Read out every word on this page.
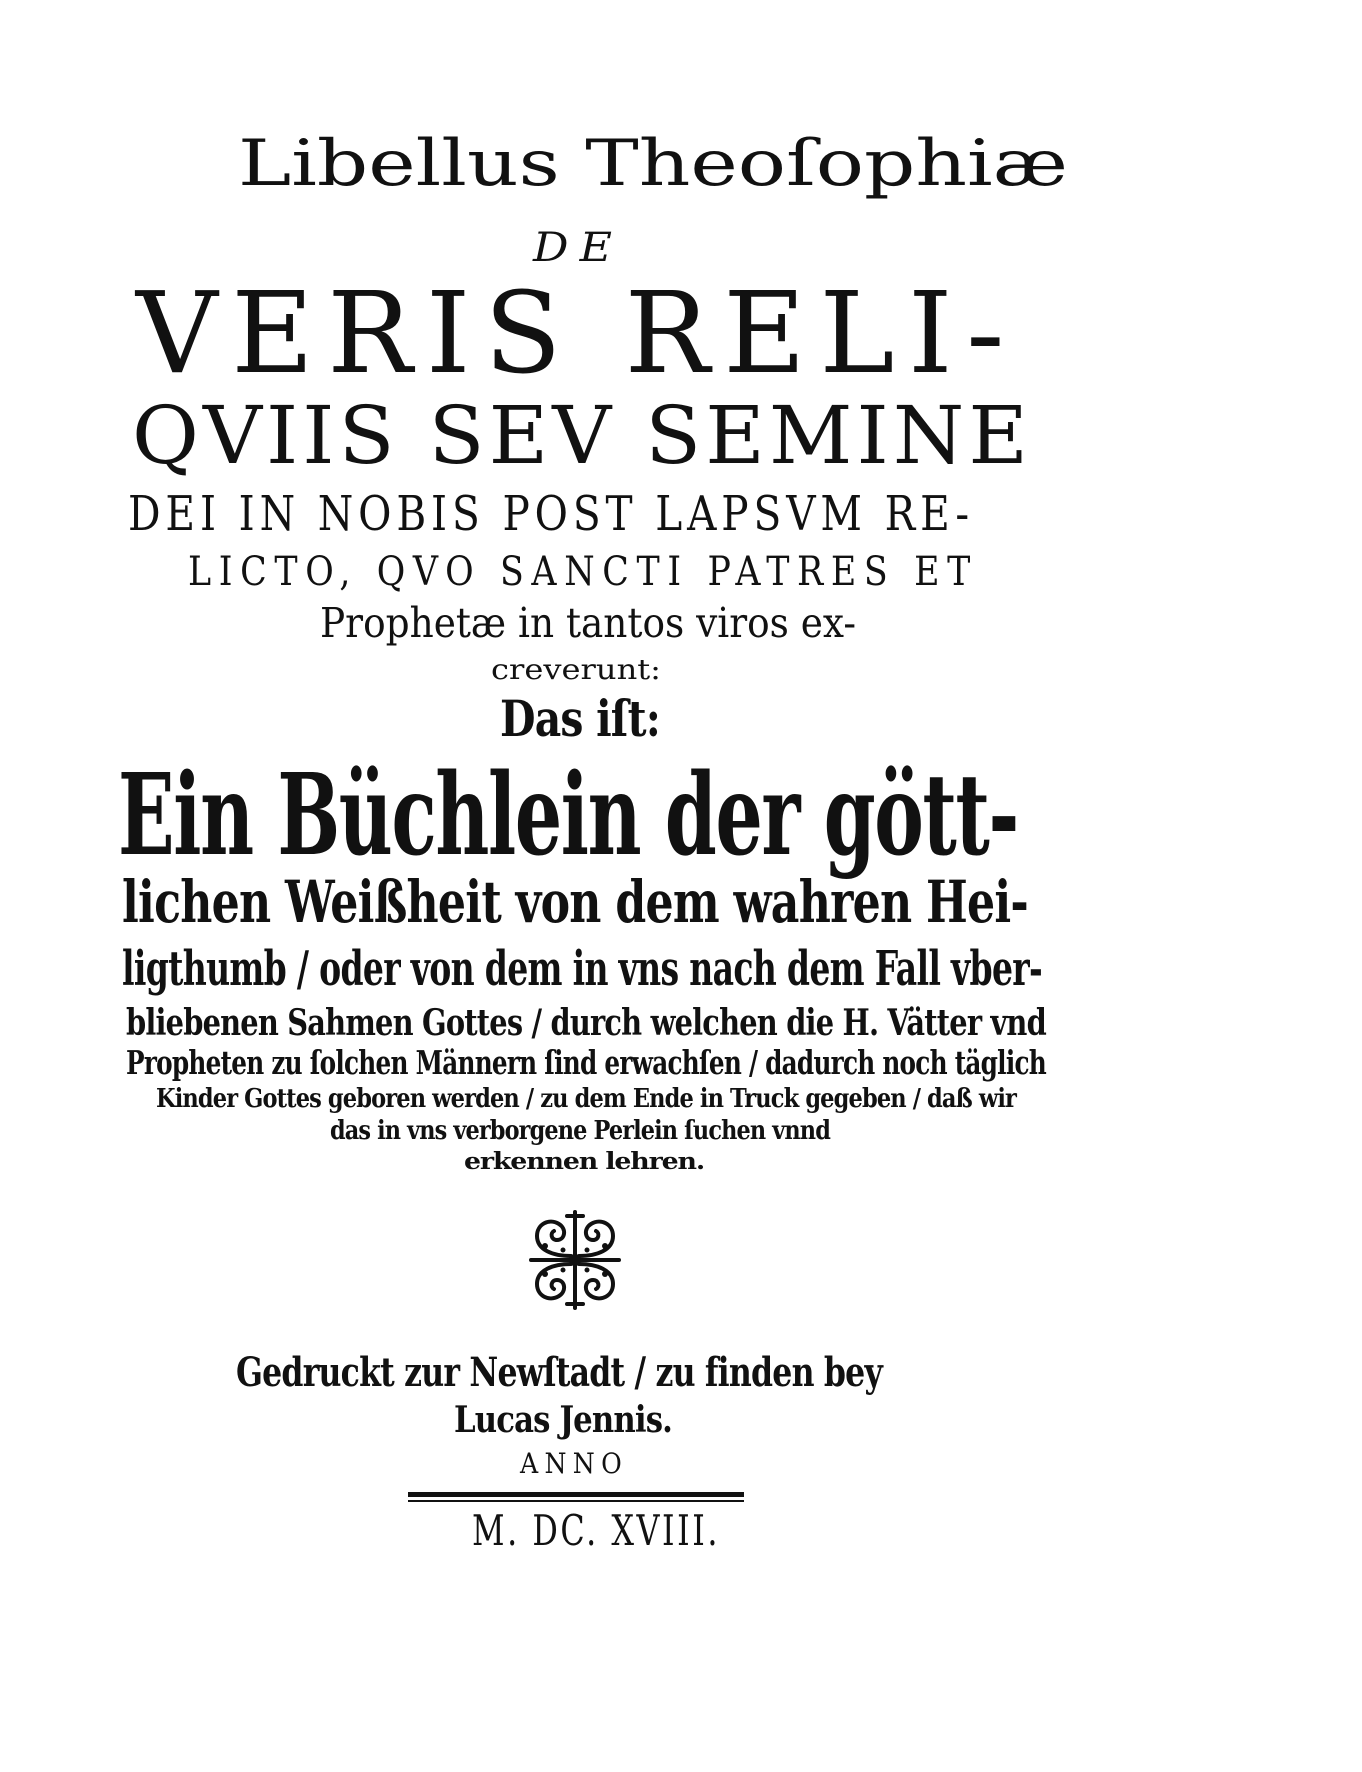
Libellus Theoſophiæ
DE
VERIS RELI-
QVIIS SEV SEMINE
DEI IN NOBIS POST LAPSVM RE-
LICTO, QVO SANCTI PATRES ET
Prophetæ in tantos viros ex-
creverunt:
Das iſt:
Ein Büchlein der gött-
lichen Weißheit von dem wahren Hei-
ligthumb / oder von dem in vns nach dem Fall vber-
bliebenen Sahmen Gottes / durch welchen die H. Vätter vnd
Propheten zu ſolchen Männern ſind erwachſen / dadurch noch täglich
Kinder Gottes geboren werden / zu dem Ende in Truck gegeben / daß wir
das in vns verborgene Perlein ſuchen vnnd
erkennen lehren.
Gedruckt zur Newſtadt / zu finden bey
Lucas Jennis.
ANNO
M. DC. XVIII.
